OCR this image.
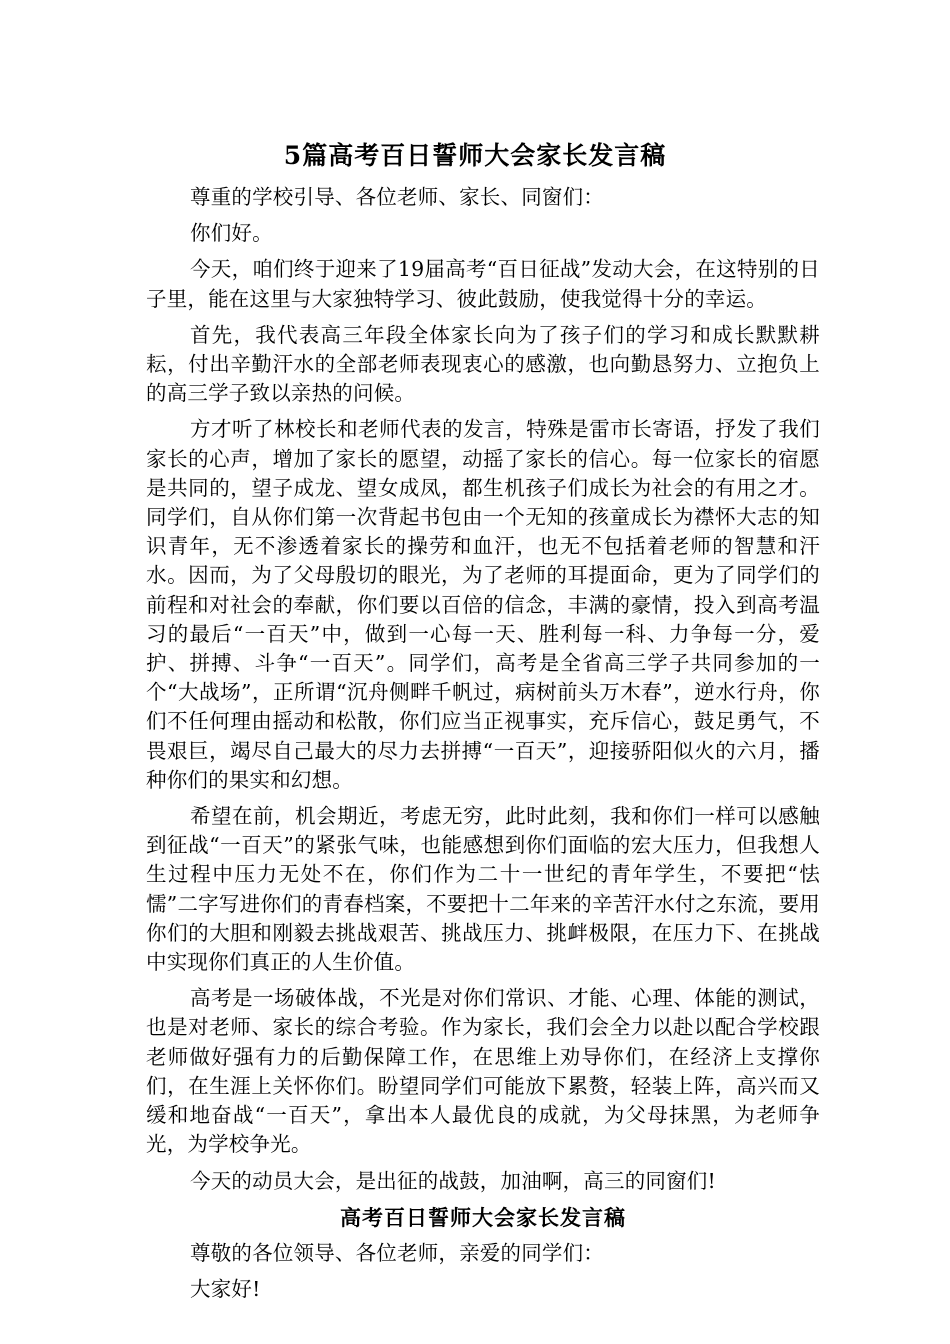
5篇高考百日誓师大会家长发言稿

尊重的学校引导、各位老师、家长、同窗们：

你们好。

今天，咱们终于迎来了19届高考“百日征战”发动大会，在这特别的日子里，能在这里与大家独特学习、彼此鼓励，使我觉得十分的幸运。

首先，我代表高三年段全体家长向为了孩子们的学习和成长默默耕耘，付出辛勤汗水的全部老师表现衷心的感激，也向勤恳努力、立抱负上的高三学子致以亲热的问候。

方才听了林校长和老师代表的发言，特殊是雷市长寄语，抒发了我们家长的心声，增加了家长的愿望，动摇了家长的信心。每一位家长的宿愿是共同的，望子成龙、望女成凤，都生机孩子们成长为社会的有用之才。同学们，自从你们第一次背起书包由一个无知的孩童成长为襟怀大志的知识青年，无不渗透着家长的操劳和血汗，也无不包括着老师的智慧和汗水。因而，为了父母殷切的眼光，为了老师的耳提面命，更为了同学们的前程和对社会的奉献，你们要以百倍的信念，丰满的豪情，投入到高考温习的最后“一百天”中，做到一心每一天、胜利每一科、力争每一分，爱护、拼搏、斗争“一百天”。同学们，高考是全省高三学子共同参加的一个“大战场”，正所谓“沉舟侧畔千帆过，病树前头万木春”，逆水行舟，你们不任何理由摇动和松散，你们应当正视事实，充斥信心，鼓足勇气，不畏艰巨，竭尽自己最大的尽力去拼搏“一百天”，迎接骄阳似火的六月，播种你们的果实和幻想。

希望在前，机会期近，考虑无穷，此时此刻，我和你们一样可以感触到征战“一百天”的紧张气味，也能感想到你们面临的宏大压力，但我想人生过程中压力无处不在，你们作为二十一世纪的青年学生，不要把“怯懦”二字写进你们的青春档案，不要把十二年来的辛苦汗水付之东流，要用你们的大胆和刚毅去挑战艰苦、挑战压力、挑衅极限，在压力下、在挑战中实现你们真正的人生价值。

高考是一场破体战，不光是对你们常识、才能、心理、体能的测试，也是对老师、家长的综合考验。作为家长，我们会全力以赴以配合学校跟老师做好强有力的后勤保障工作，在思维上劝导你们，在经济上支撑你们，在生涯上关怀你们。盼望同学们可能放下累赘，轻装上阵，高兴而又缓和地奋战“一百天”，拿出本人最优良的成就，为父母抹黑，为老师争光，为学校争光。

今天的动员大会，是出征的战鼓，加油啊，高三的同窗们!

高考百日誓师大会家长发言稿

尊敬的各位领导、各位老师，亲爱的同学们：

大家好!
